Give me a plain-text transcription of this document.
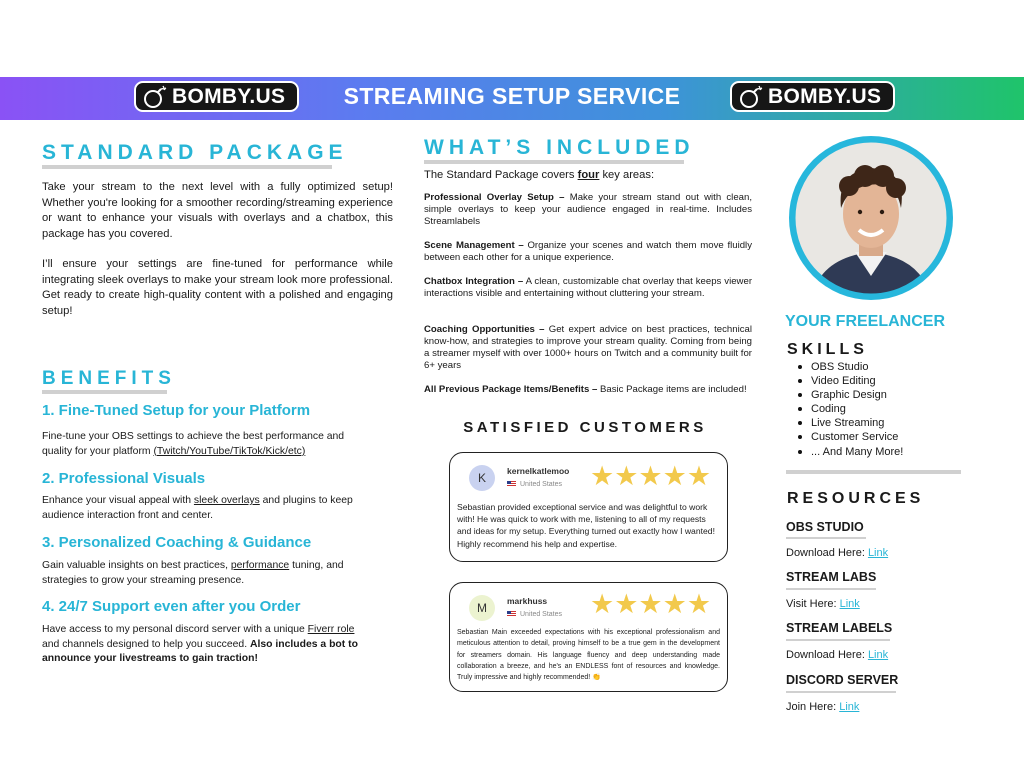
BOMBY.US	STREAMING SETUP SERVICE	BOMBY.US
STANDARD PACKAGE

Take your stream to the next level with a fully optimized setup! Whether you're looking for a smoother recording/streaming experience or want to enhance your visuals with overlays and a chatbox, this package has you covered.

I’ll ensure your settings are fine-tuned for performance while integrating sleek overlays to make your stream look more professional. Get ready to create high-quality content with a polished and engaging setup!

BENEFITS
1. Fine-Tuned Setup for your Platform

Fine-tune your OBS settings to achieve the best performance and quality for your platform (Twitch/YouTube/TikTok/Kick/etc)

2. Professional Visuals

Enhance your visual appeal with sleek overlays and plugins to keep audience interaction front and center.

3. Personalized Coaching & Guidance

Gain valuable insights on best practices, performance tuning, and strategies to grow your streaming presence.

4. 24/7 Support even after you Order

Have access to my personal discord server with a unique Fiverr role and channels designed to help you succeed. Also includes a bot to announce your livestreams to gain traction!

WHAT’S INCLUDED

The Standard Package covers four key areas:

Professional Overlay Setup – Make your stream stand out with clean, simple overlays to keep your audience engaged in real-time. Includes Streamlabels

Scene Management – Organize your scenes and watch them move fluidly between each other for a unique experience.

Chatbox Integration – A clean, customizable chat overlay that keeps viewer interactions visible and entertaining without cluttering your stream.

Coaching Opportunities – Get expert advice on best practices, technical know-how, and strategies to improve your stream quality. Coming from being a streamer myself with over 1000+ hours on Twitch and a community built for 6+ years

All Previous Package Items/Benefits – Basic Package items are included!

SATISFIED CUSTOMERS
K	kernelkatlemoo
United States ★★★★★

Sebastian provided exceptional service and was delightful to work with! He was quick to work with me, listening to all of my requests and ideas for my setup. Everything turned out exactly how I wanted! Highly recommend his help and expertise.

M	markhuss
United States ★★★★★

Sebastian Main exceeded expectations with his exceptional professionalism and meticulous attention to detail, proving himself to be a true gem in the development for streamers domain. His language fluency and deep understanding made collaboration a breeze, and he's an ENDLESS font of resources and knowledge. Truly impressive and highly recommended! 👏

YOUR FREELANCER
SKILLS
OBS Studio
Video Editing
Graphic Design
Coding
Live Streaming
Customer Service
... And Many More!
RESOURCES

OBS STUDIO

Download Here: Link

STREAM LABS

Visit Here: Link

STREAM LABELS

Download Here: Link

DISCORD SERVER

Join Here: Link
